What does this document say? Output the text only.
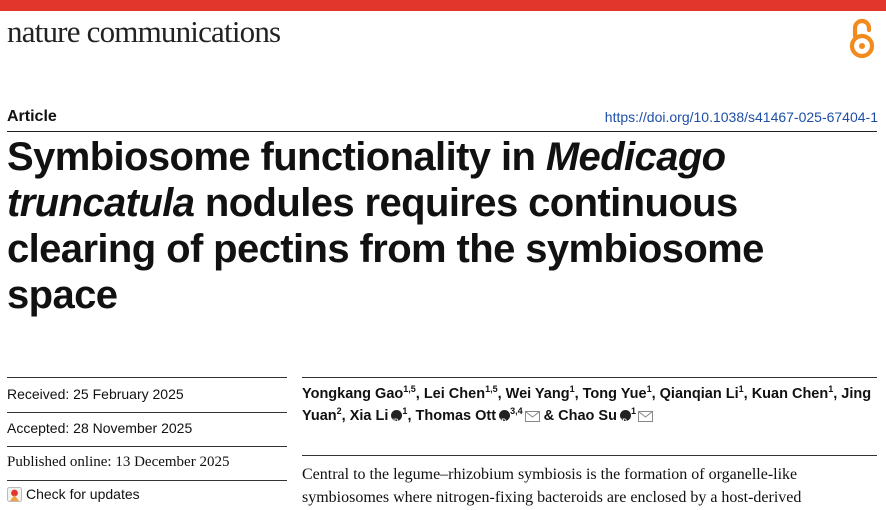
nature communications
Article	https://doi.org/10.1038/s41467-025-67404-1
Symbiosome functionality in Medicago truncatula nodules requires continuous clearing of pectins from the symbiosome space
Received: 25 February 2025
Accepted: 28 November 2025
Published online: 13 December 2025
Check for updates
Yongkang Gao$^{1,5}$, Lei Chen$^{1,5}$, Wei Yang$^1$, Tong Yue$^1$, Qianqian Li$^1$, Kuan Chen$^1$, Jing Yuan$^2$, Xia Li iD $^1$, Thomas Ott iD $^{3,4}$ & Chao Su iD $^1$

Central to the legume–rhizobium symbiosis is the formation of organelle-like symbiosomes where nitrogen-fixing bacteroids are enclosed by a host-derived
